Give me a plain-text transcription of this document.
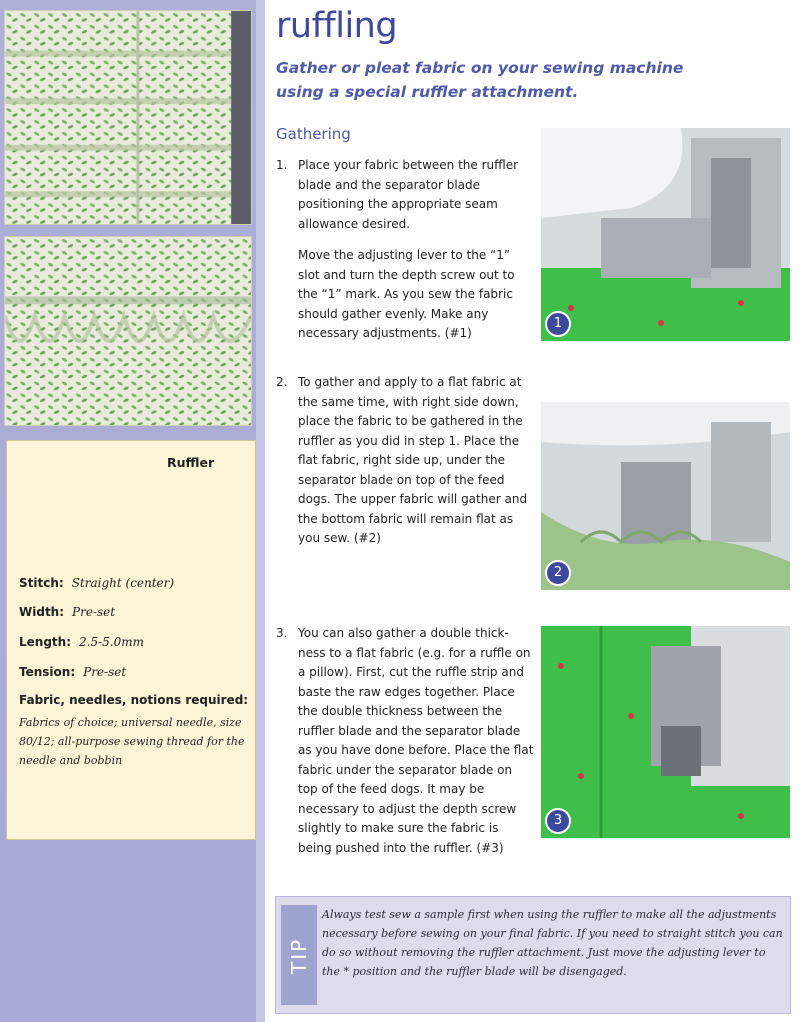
Ruffler
Stitch: Straight (center)
Width: Pre-set
Length: 2.5-5.0mm
Tension: Pre-set
Fabric, needles, notions required:
Fabrics of choice; universal needle, size 80/12; all-purpose sewing thread for the needle and bobbin
ruffling
Gather or pleat fabric on your sewing machine using a special ruffler attachment.
Gathering
1. Place your fabric between the ruffler blade and the separator blade positioning the appropriate seam allowance desired.
Move the adjusting lever to the “1” slot and turn the depth screw out to the “1” mark. As you sew the fabric should gather evenly. Make any necessary adjustments. (#1)
1
2. To gather and apply to a flat fabric at the same time, with right side down, place the fabric to be gathered in the ruffler as you did in step 1. Place the flat fabric, right side up, under the separator blade on top of the feed dogs. The upper fabric will gather and the bottom fabric will remain flat as you sew. (#2)
2
3. You can also gather a double thick-ness to a flat fabric (e.g. for a ruffle on a pillow). First, cut the ruffle strip and baste the raw edges together. Place the double thickness between the ruffler blade and the separator blade as you have done before. Place the flat fabric under the separator blade on top of the feed dogs. It may be necessary to adjust the depth screw slightly to make sure the fabric is being pushed into the ruffler. (#3)
3
TIP
Always test sew a sample first when using the ruffler to make all the adjustments necessary before sewing on your final fabric. If you need to straight stitch you can do so without removing the ruffler attachment. Just move the adjusting lever to the * position and the ruffler blade will be disengaged.
